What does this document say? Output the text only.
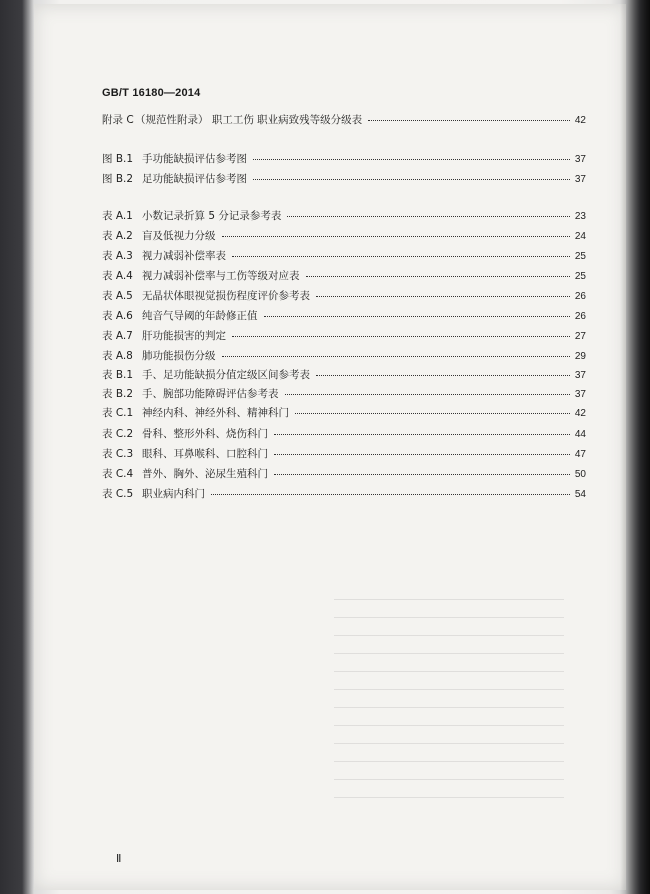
GB/T 16180—2014
附录 C （规范性附录） 职工工伤 职业病致残等级分级表	42
图 B.1 手功能缺损评估参考图	37
图 B.2 足功能缺损评估参考图	37
表 A.1 小数记录折算 5 分记录参考表	23
表 A.2 盲及低视力分级	24
表 A.3 视力减弱补偿率表	25
表 A.4 视力减弱补偿率与工伤等级对应表	25
表 A.5 无晶状体眼视觉损伤程度评价参考表	26
表 A.6 纯音气导阈的年龄修正值	26
表 A.7 肝功能损害的判定	27
表 A.8 肺功能损伤分级	29
表 B.1 手、足功能缺损分值定级区间参考表	37
表 B.2 手、腕部功能障碍评估参考表	37
表 C.1 神经内科、神经外科、精神科门	42
表 C.2 骨科、整形外科、烧伤科门	44
表 C.3 眼科、耳鼻喉科、口腔科门	47
表 C.4 普外、胸外、泌尿生殖科门	50
表 C.5 职业病内科门	54
Ⅱ
